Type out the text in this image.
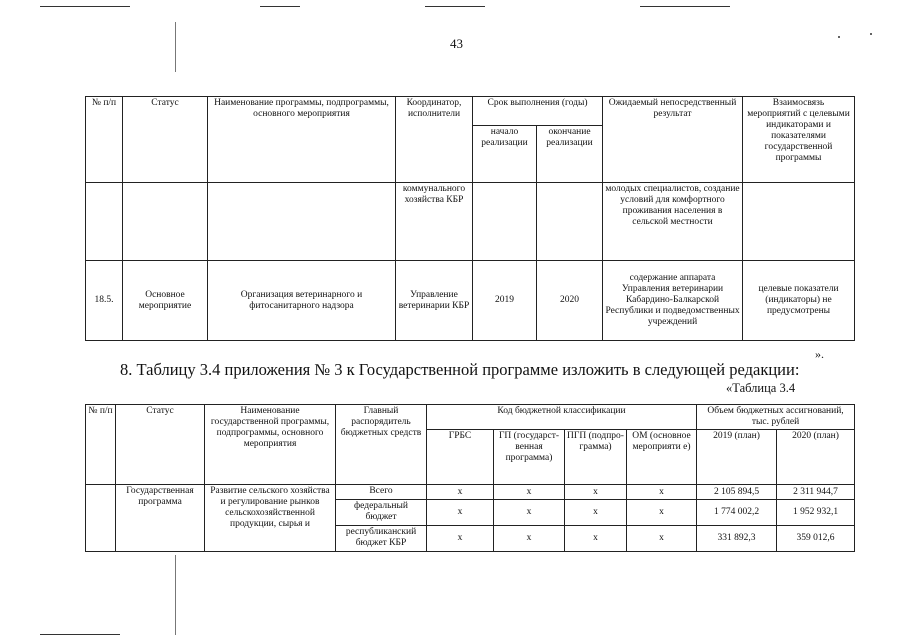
43
№ п/п	Статус	Наименование программы, подпрограммы, основного мероприятия	Координатор, исполнители	Срок выполнения (годы)		Ожидаемый непосредственный результат	Взаимосвязь мероприятий с целевыми индикаторами и показателями государственной программы
				начало реализации	окончание реализации		
			коммунального хозяйства КБР			молодых специалистов, создание условий для комфортного проживания населения в сельской местности	
18.5.	Основное мероприятие	Организация ветеринарного и фитосанитарного надзора	Управление ветеринарии КБР	2019	2020	содержание аппарата Управления ветеринарии Кабардино-Балкарской Республики и подведомственных учреждений	целевые показатели (индикаторы) не предусмотрены
».
8. Таблицу 3.4 приложения № 3 к Государственной программе изложить в следующей редакции:
«Таблица 3.4
№ п/п	Статус	Наименование государственной программы, подпрограммы, основного мероприятия	Главный распорядитель бюджетных средств	Код бюджетной классификации				Объем бюджетных ассигнований, тыс. рублей	
				ГРБС	ГП (государст-венная программа)	ПГП (подпро-грамма)	ОМ (основное мероприяти е)	2019 (план)	2020 (план)
	Государственная программа	Развитие сельского хозяйства и регулирование рынков сельскохозяйственной продукции, сырья и	Всего	x	x	x	x	2 105 894,5	2 311 944,7
			федеральный бюджет	x	x	x	x	1 774 002,2	1 952 932,1
			республиканский бюджет КБР	x	x	x	x	331 892,3	359 012,6
